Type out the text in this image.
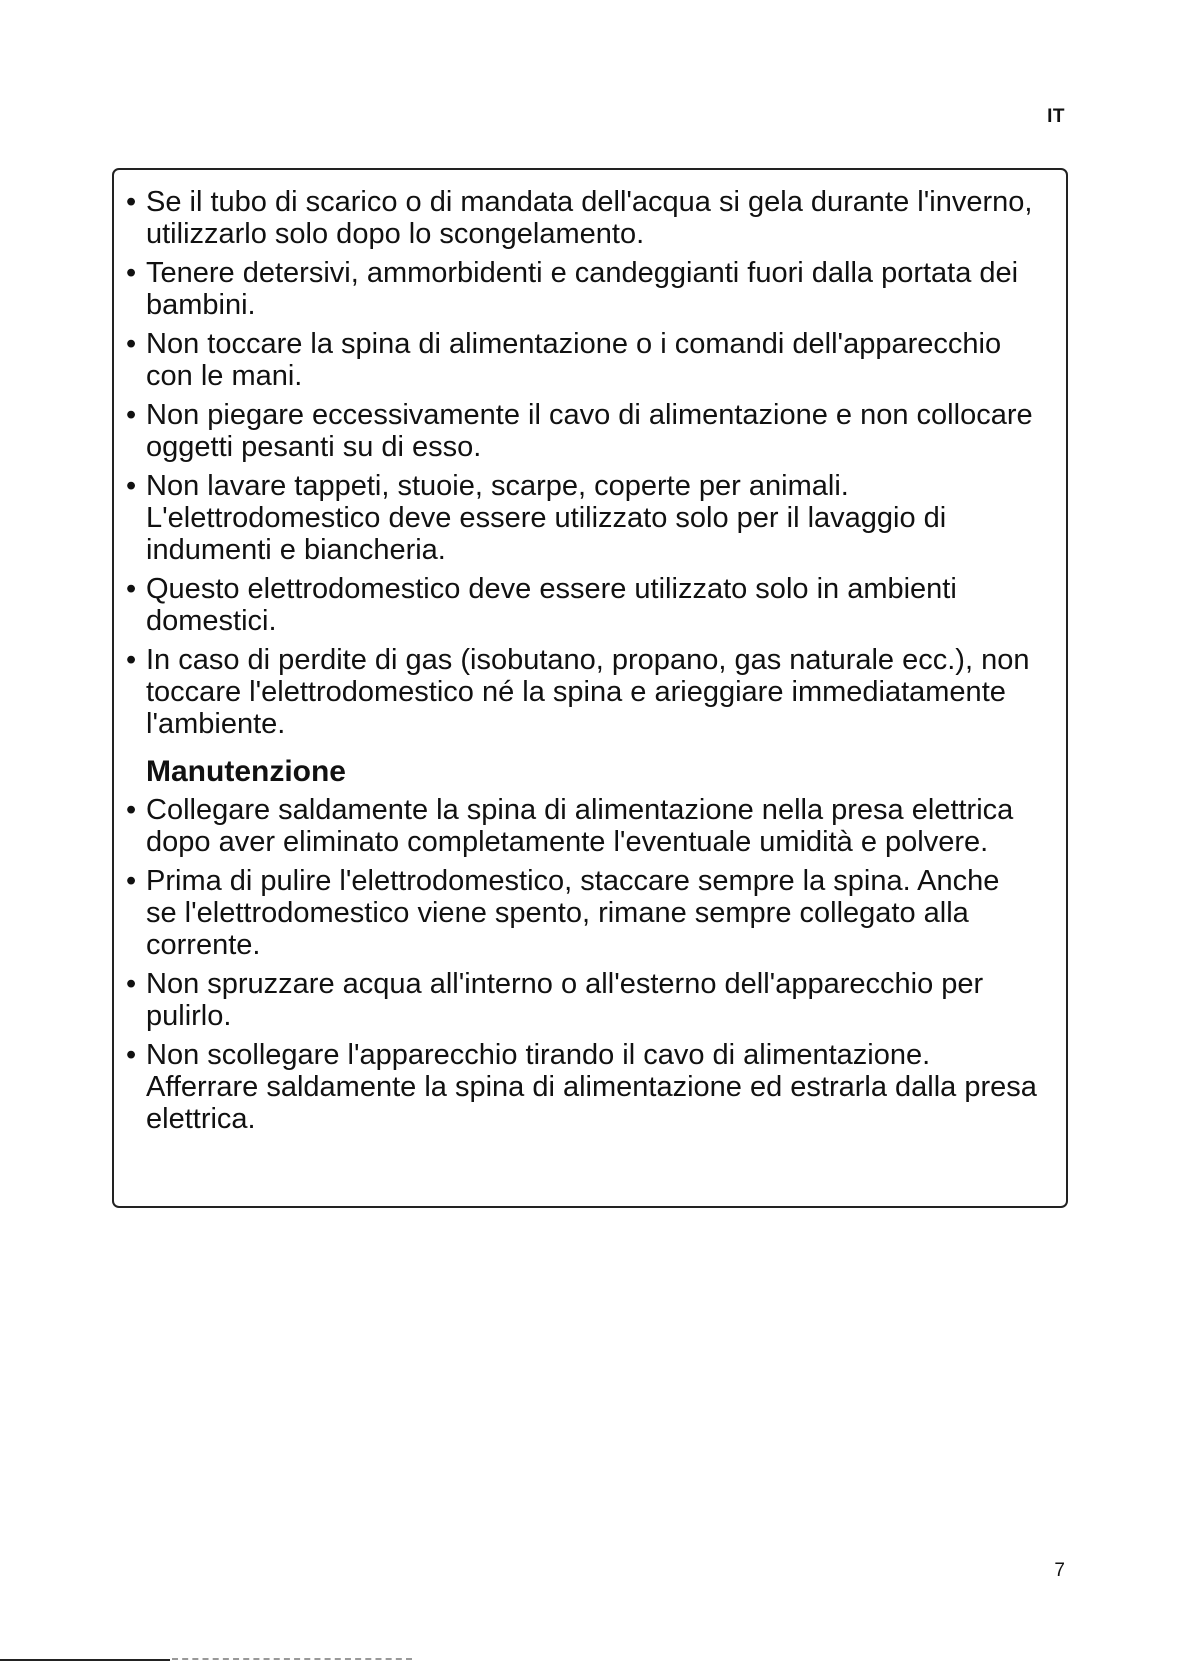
IT
• Se il tubo di scarico o di mandata dell'acqua si gela durante l'inverno, utilizzarlo solo dopo lo scongelamento.
• Tenere detersivi, ammorbidenti e candeggianti fuori dalla portata dei bambini.
• Non toccare la spina di alimentazione o i comandi dell'apparecchio con le mani.
• Non piegare eccessivamente il cavo di alimentazione e non collocare oggetti pesanti su di esso.
• Non lavare tappeti, stuoie, scarpe, coperte per animali. L'elettrodomestico deve essere utilizzato solo per il lavaggio di indumenti e biancheria.
• Questo elettrodomestico deve essere utilizzato solo in ambienti domestici.
• In caso di perdite di gas (isobutano, propano, gas naturale ecc.), non toccare l'elettrodomestico né la spina e arieggiare immediatamente l'ambiente.
Manutenzione
• Collegare saldamente la spina di alimentazione nella presa elettrica dopo aver eliminato completamente l'eventuale umidità e polvere.
• Prima di pulire l'elettrodomestico, staccare sempre la spina. Anche se l'elettrodomestico viene spento, rimane sempre collegato alla corrente.
• Non spruzzare acqua all'interno o all'esterno dell'apparecchio per pulirlo.
• Non scollegare l'apparecchio tirando il cavo di alimentazione. Afferrare saldamente la spina di alimentazione ed estrarla dalla presa elettrica.
7
